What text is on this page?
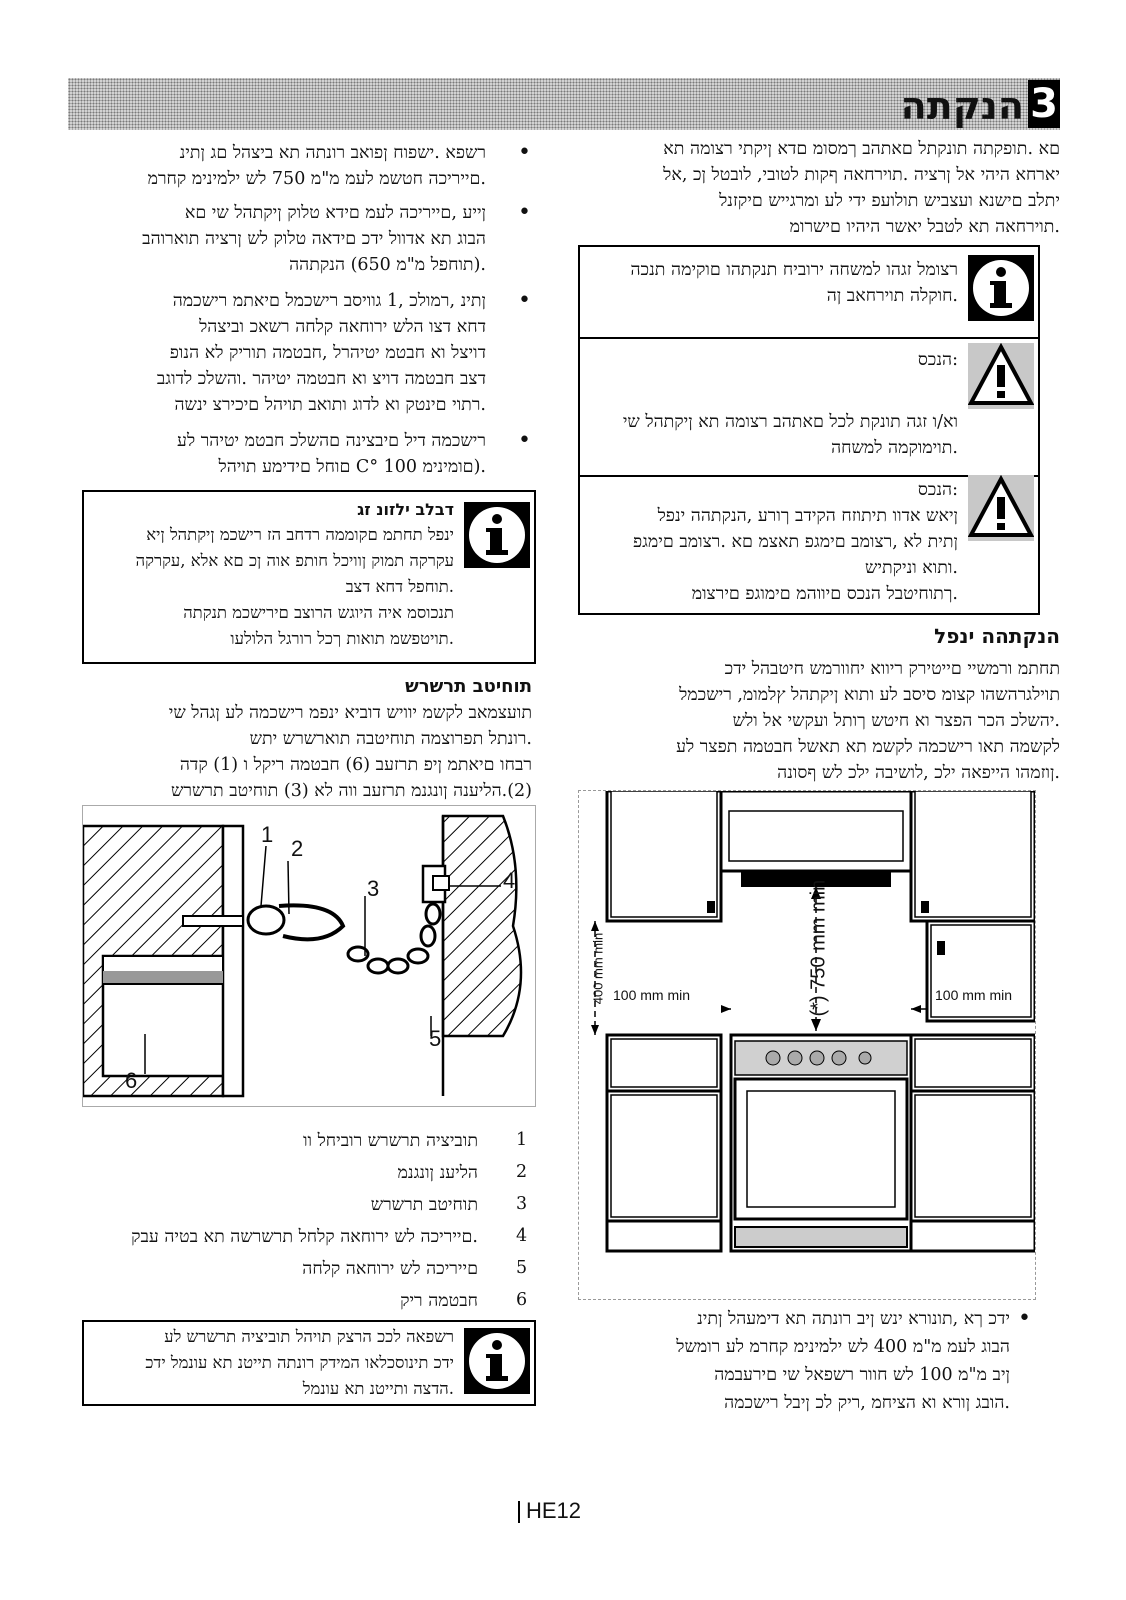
3
התקנה
את המוצר יתקין אדם מוסמך בהתאם לתקנות התקפות. אם
לא, כן לטבול ,יבוטל תוקף האחריות. היצרן לא יהיה אחראי
לנזקים שייגרמו על ידי פעולות שיבצעו אנשים בלתי
מורשים ויהיה רשאי לבטל את האחריות.
הכנת המיקום והתקנת חיבורי החשמל והגז למוצר
הן באחריות הלקוח.
סכנה:
יש להתקין את המוצר בהתאם לכל תקנות הגז ו/או
החשמל המקומיות.
סכנה:
לפני ההתקנה, ערוך בדיקה חזותית וודא שאין
פגמים במוצר. אם מצאת פגמים במוצר, אל תיתן
שיתקינו אותו.
מוצרים פגומים מהווים סכנה לבטיחותך.
לפני ההתקנה
כדי להבטיח שמרווחי אוויר קריטיים יישמרו מתחת
למכשיר ,מומלץ להתקין אותו על בסיס מוצק והשהרגליות
שלו לא ישקעו לתוך שטיח או רצפה רכה כלשהי.
על רצפת המטבח לשאת את משקל המכשיר ואת המשקל
הנוסף של כלי הבישול, כלי האפייה והמזון.
(*) 750 mm min
400 mm min 100 mm min	100 mm min
•
ניתן להעמיד את התנור בין שני ארונות, אך כדי
לשמור על מרחק מינימלי של 400 מ"מ מעל גובה
המבערים יש לאפשר רווח של 100 מ"מ בין
המכשיר לבין כל קיר, מחיצה או ארון גבוה.
•
ניתן גם להציב את התנור באופן חופשי. אפשר
מרחק מינימלי של 750 מ"מ מעל משטח הכיריים.
•
אם יש להתקין קולט אדים מעל הכיריים, עיין
בהוראות היצרן של קולט האדים כדי לוודא את גובה
ההתקנה (650 מ"מ לפחות).
•
המכשיר מתאים למכשיר בסיווג 1, כלומר, ניתן
להציבו כאשר החלק האחורי שלה וצד אחד
פונה אל קירות המטבח, לרהיטי מטבח או לציוד
בגודל כלשהו. רהיטי המטבח או ציוד המטבח בצד
השני צריכים להיות באותו גודל או קטנים יותר.
•
על רהיטי מטבח כלשהם הניצבים ליד המכשיר
להיות עמידים לחום C° 100 מינימום).
גז נוזלי בלבד
אין להתקין מכשיר זה בחדר הממוקם מתחת לפני
הקרקע, אלא אם כן הוא פתוח לכיוון קומת הקרקע
בצד אחד לפחות.
התקנת מכשירים בצורה שגויה היא מסוכנת
ועלולה לגרור לכך תואות משפטיות.
שרשרת בטיחות
יש להגן על המכשיר מפני איבוד שיווי משקל באמצעות
שתי שרשראות הבטיחות המצורפת לתנור.
הדק (1) ו לקיר המטבח (6) בעזרת פין מתאים וחבר
שרשרת בטיחות (3) אל הוו בעזרת מנגנון הנעילה.(2)
1
2
3	4
5
6
1
וו לחיבור שרשרת היציבות
2
מנגנון נעילה
3
שרשרת בטיחות
4
קבע היטב את השרשרת לחלק האחורי של הכיריים.
5
החלק האחורי של הכיריים
6
קיר המטבח
על שרשרת היציבות להיות קצרה ככל האפשר
כדי למנוע את נטיית התנור קדימה ואלכסונית כדי
למנוע את נטייתו הצדה.
HE12
